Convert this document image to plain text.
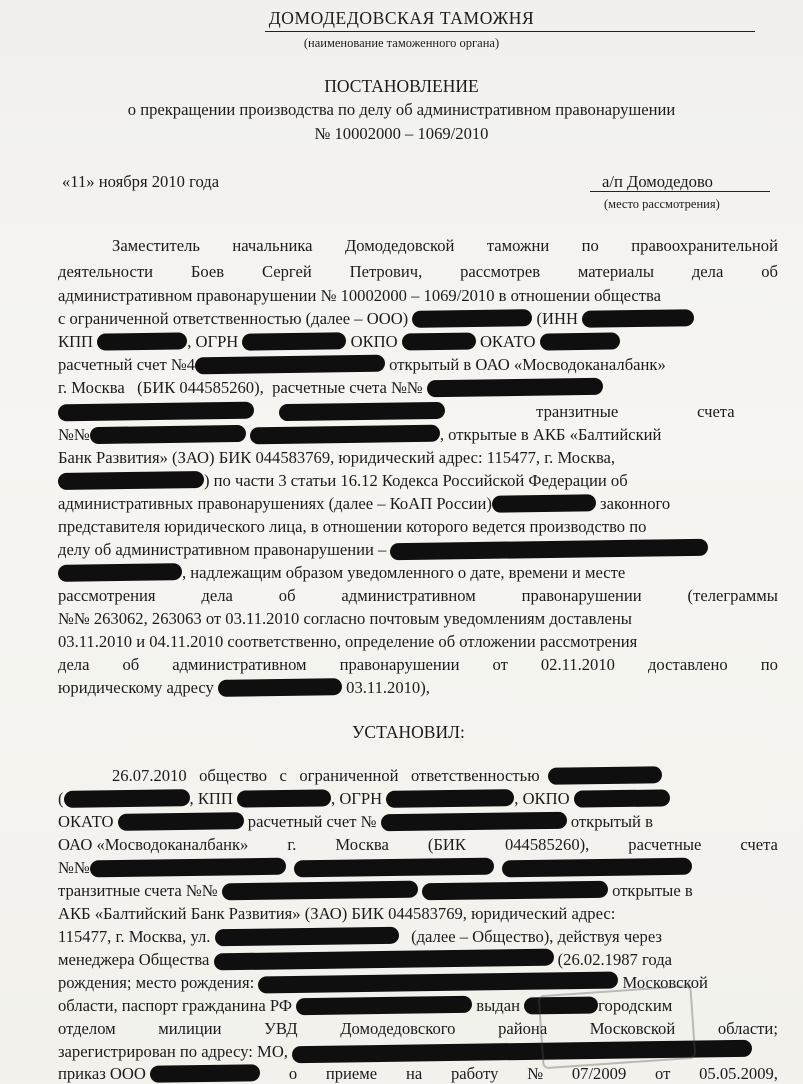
ДОМОДЕДОВСКАЯ ТАМОЖНЯ
(наименование таможенного органа)
ПОСТАНОВЛЕНИЕ
о прекращении производства по делу об административном правонарушении
№ 10002000 – 1069/2010
«11» ноября 2010 года	а/п Домодедово
(место рассмотрения)
Заместитель начальника Домодедовской таможни по правоохранительной
деятельности Боев Сергей Петрович, рассмотрев материалы дела об
административном правонарушении № 10002000 – 1069/2010 в отношении общества
с ограниченной ответственностью (далее – ООО)	(ИНН
КПП	, ОГРН	ОКПО	ОКАТО
расчетный счет №4	открытый в ОАО «Мосводоканалбанк»
г. Москва (БИК 044585260), расчетные счета №№
транзитные	счета
№№	, открытые в АКБ «Балтийский
Банк Развития» (ЗАО) БИК 044583769, юридический адрес: 115477, г. Москва,
) по части 3 статьи 16.12 Кодекса Российской Федерации об
административных правонарушениях (далее – КоАП России)	законного
представителя юридического лица, в отношении которого ведется производство по
делу об административном правонарушении –
, надлежащим образом уведомленного о дате, времени и месте
рассмотрения	дела	об	административном	правонарушении	(телеграммы
№№ 263062, 263063 от 03.11.2010 согласно почтовым уведомлениям доставлены
03.11.2010 и 04.11.2010 соответственно, определение об отложении рассмотрения
дела об административном правонарушении от 02.11.2010 доставлено по
юридическому адресу	03.11.2010),
УСТАНОВИЛ:
26.07.2010 общество с ограниченной ответственностью
(	, КПП	, ОГРН	, ОКПО
ОКАТО	расчетный счет №	открытый в
ОАО «Мосводоканалбанк» г. Москва (БИК 044585260), расчетные счета
№№
транзитные счета №№	открытые в
АКБ «Балтийский Банк Развития» (ЗАО) БИК 044583769, юридический адрес:
115477, г. Москва, ул.	(далее – Общество), действуя через
менеджера Общества	(26.02.1987 года
рождения; место рождения:	Московской
области, паспорт гражданина РФ	выдан	городским
отделом	милиции	УВД	Домодедовского	района	Московской	области;
зарегистрирован по адресу: МО,
приказ ООО	о приеме на работу № 07/2009 от 05.05.2009,
